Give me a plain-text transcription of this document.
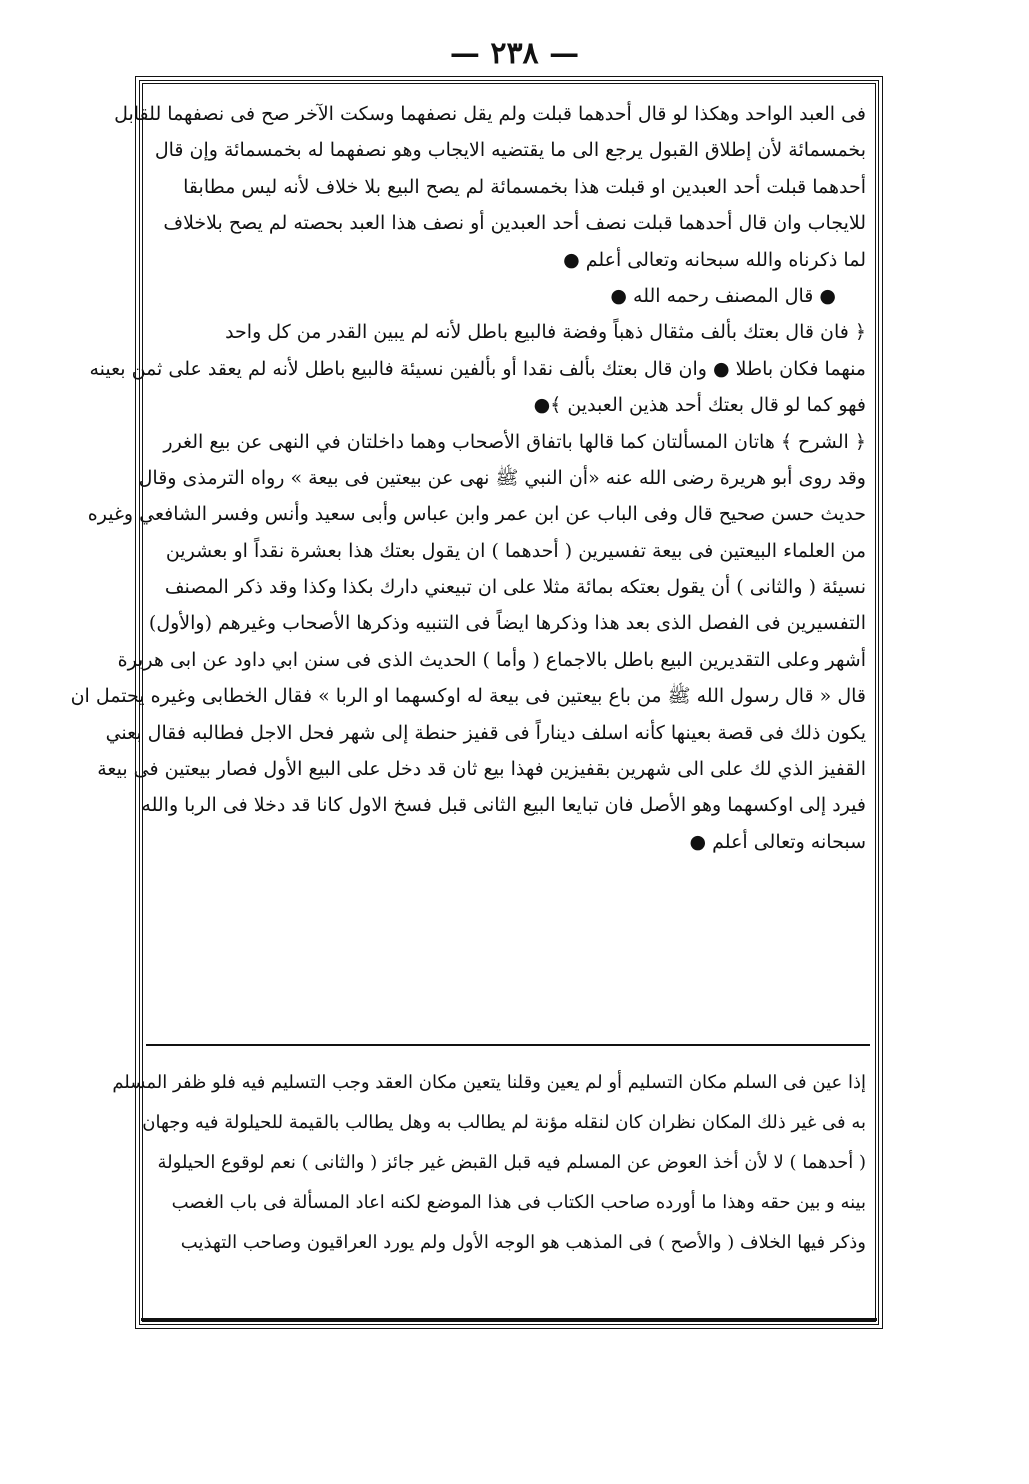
— ٢٣٨ —

فى العبد الواحد وهكذا لو قال أحدهما قبلت ولم يقل نصفهما وسكت الآخر صح فى نصفهما للقابل

بخمسمائة لأن إطلاق القبول يرجع الى ما يقتضيه الايجاب وهو نصفهما له بخمسمائة وإن قال

أحدهما قبلت أحد العبدين او قبلت هذا بخمسمائة لم يصح البيع بلا خلاف لأنه ليس مطابقا

للايجاب وان قال أحدهما قبلت نصف أحد العبدين أو نصف هذا العبد بحصته لم يصح بلاخلاف

لما ذكرناه والله سبحانه وتعالى أعلم ●

● قال المصنف رحمه الله ●

﴿ فان قال بعتك بألف مثقال ذهباً وفضة فالبيع باطل لأنه لم يبين القدر من كل واحد

منهما فكان باطلا ● وان قال بعتك بألف نقدا أو بألفين نسيئة فالبيع باطل لأنه لم يعقد على ثمن بعينه

فهو كما لو قال بعتك أحد هذين العبدين ﴾●

﴿ الشرح ﴾ هاتان المسألتان كما قالها باتفاق الأصحاب وهما داخلتان في النهى عن بيع الغرر

وقد روى أبو هريرة رضى الله عنه «أن النبي ﷺ نهى عن بيعتين فى بيعة » رواه الترمذى وقال

حديث حسن صحيح قال وفى الباب عن ابن عمر وابن عباس وأبى سعيد وأنس وفسر الشافعي وغيره

من العلماء البيعتين فى بيعة تفسيرين ( أحدهما ) ان يقول بعتك هذا بعشرة نقداً او بعشرين

نسيئة ( والثانى ) أن يقول بعتكه بمائة مثلا على ان تبيعني دارك بكذا وكذا وقد ذكر المصنف

التفسيرين فى الفصل الذى بعد هذا وذكرها ايضاً فى التنبيه وذكرها الأصحاب وغيرهم (والأول)

أشهر وعلى التقديرين البيع باطل بالاجماع ( وأما ) الحديث الذى فى سنن ابي داود عن ابى هريرة

قال « قال رسول الله ﷺ من باع بيعتين فى بيعة له اوكسهما او الربا » فقال الخطابى وغيره يحتمل ان

يكون ذلك فى قصة بعينها كأنه اسلف ديناراً فى قفيز حنطة إلى شهر فحل الاجل فطالبه فقال بعني

القفيز الذي لك على الى شهرين بقفيزين فهذا بيع ثان قد دخل على البيع الأول فصار بيعتين فى بيعة

فيرد إلى اوكسهما وهو الأصل فان تبايعا البيع الثانى قبل فسخ الاول كانا قد دخلا فى الربا والله

سبحانه وتعالى أعلم ●

إذا عين فى السلم مكان التسليم أو لم يعين وقلنا يتعين مكان العقد وجب التسليم فيه فلو ظفر المسلم

به فى غير ذلك المكان نظران كان لنقله مؤنة لم يطالب به وهل يطالب بالقيمة للحيلولة فيه وجهان

( أحدهما ) لا لأن أخذ العوض عن المسلم فيه قبل القبض غير جائز ( والثانى ) نعم لوقوع الحيلولة

بينه و بين حقه وهذا ما أورده صاحب الكتاب فى هذا الموضع لكنه اعاد المسألة فى باب الغصب

وذكر فيها الخلاف ( والأصح ) فى المذهب هو الوجه الأول ولم يورد العراقيون وصاحب التهذيب
